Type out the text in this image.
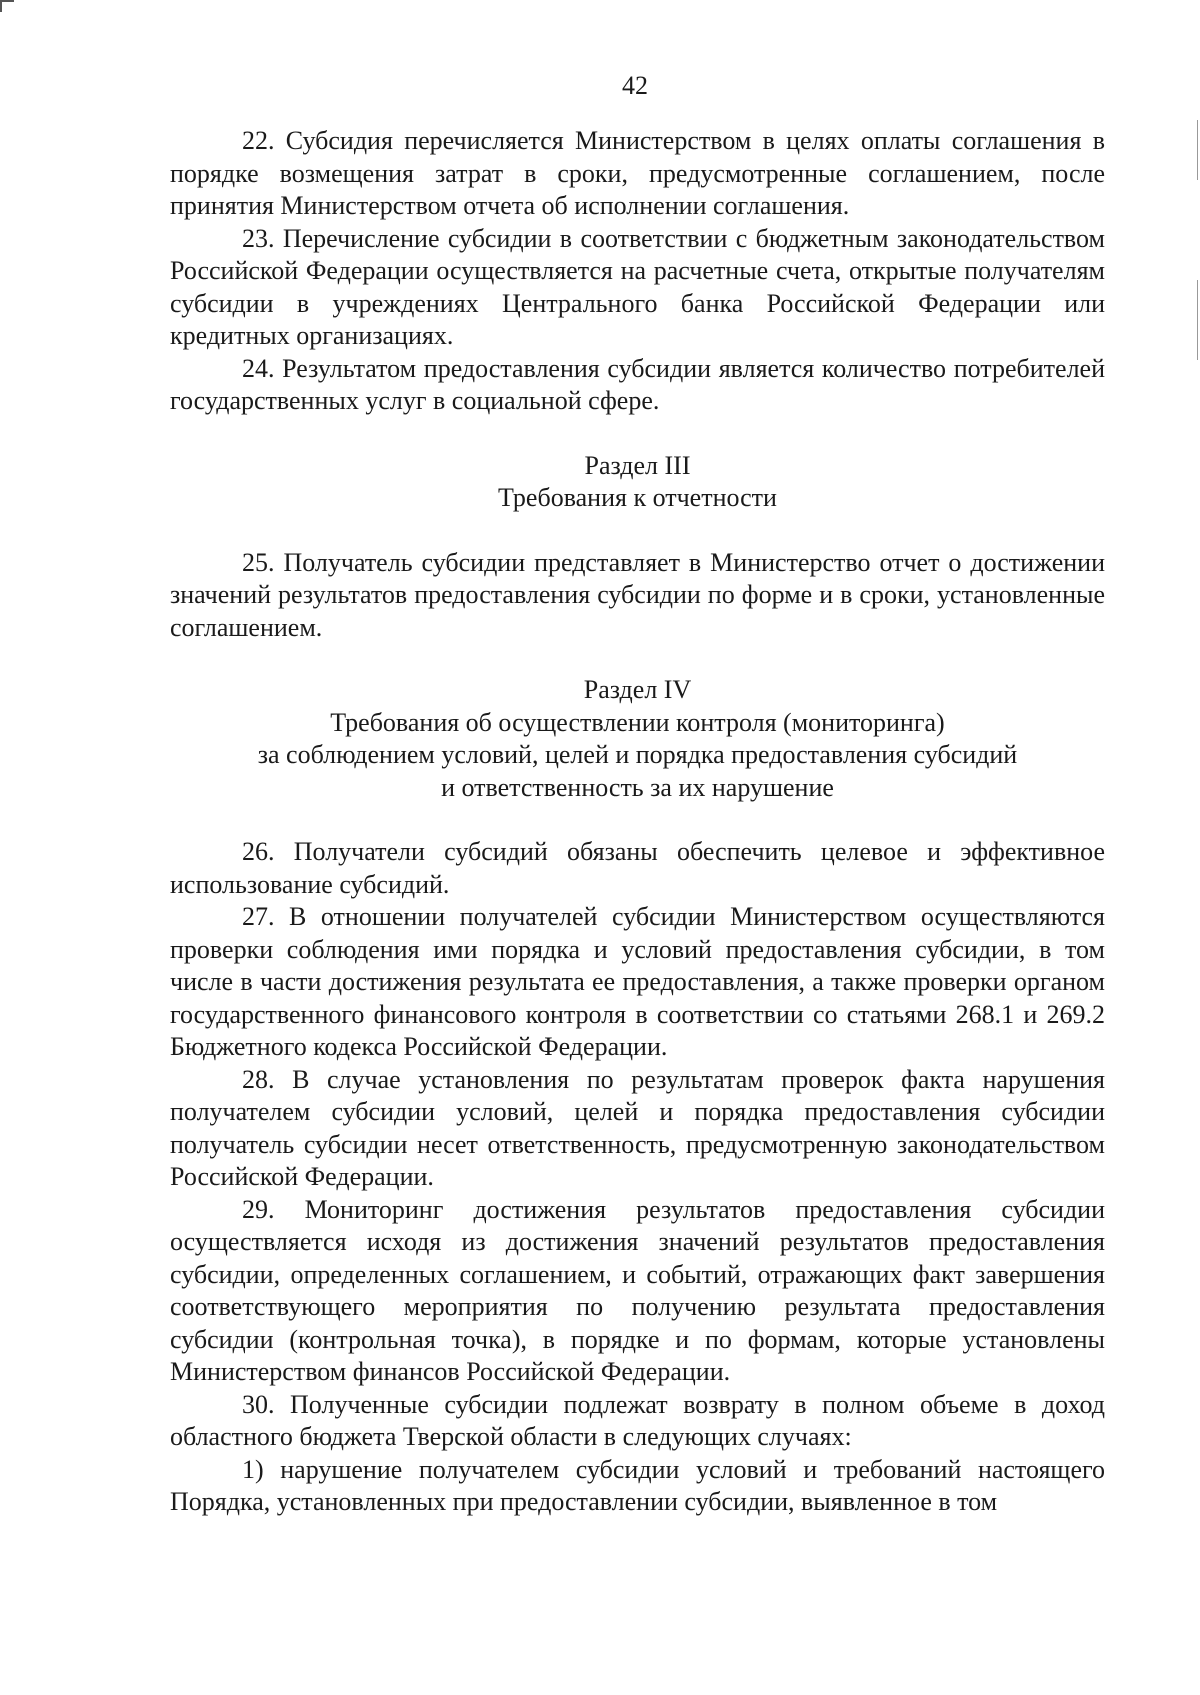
42

22. Субсидия перечисляется Министерством в целях оплаты соглашения в порядке возмещения затрат в сроки, предусмотренные соглашением, после принятия Министерством отчета об исполнении соглашения.

23. Перечисление субсидии в соответствии с бюджетным законодательством Российской Федерации осуществляется на расчетные счета, открытые получателям субсидии в учреждениях Центрального банка Российской Федерации или кредитных организациях.

24. Результатом предоставления субсидии является количество потребителей государственных услуг в социальной сфере.

Раздел III

Требования к отчетности

25. Получатель субсидии представляет в Министерство отчет о достижении значений результатов предоставления субсидии по форме и в сроки, установленные соглашением.

Раздел IV

Требования об осуществлении контроля (мониторинга)

за соблюдением условий, целей и порядка предоставления субсидий

и ответственность за их нарушение

26. Получатели субсидий обязаны обеспечить целевое и эффективное использование субсидий.

27. В отношении получателей субсидии Министерством осуществляются проверки соблюдения ими порядка и условий предоставления субсидии, в том числе в части достижения результата ее предоставления, а также проверки органом государственного финансового контроля в соответствии со статьями 268.1 и 269.2 Бюджетного кодекса Российской Федерации.

28. В случае установления по результатам проверок факта нарушения получателем субсидии условий, целей и порядка предоставления субсидии получатель субсидии несет ответственность, предусмотренную законодательством Российской Федерации.

29. Мониторинг достижения результатов предоставления субсидии осуществляется исходя из достижения значений результатов предоставления субсидии, определенных соглашением, и событий, отражающих факт завершения соответствующего мероприятия по получению результата предоставления субсидии (контрольная точка), в порядке и по формам, которые установлены Министерством финансов Российской Федерации.

30. Полученные субсидии подлежат возврату в полном объеме в доход областного бюджета Тверской области в следующих случаях:

1) нарушение получателем субсидии условий и требований настоящего Порядка, установленных при предоставлении субсидии, выявленное в том
